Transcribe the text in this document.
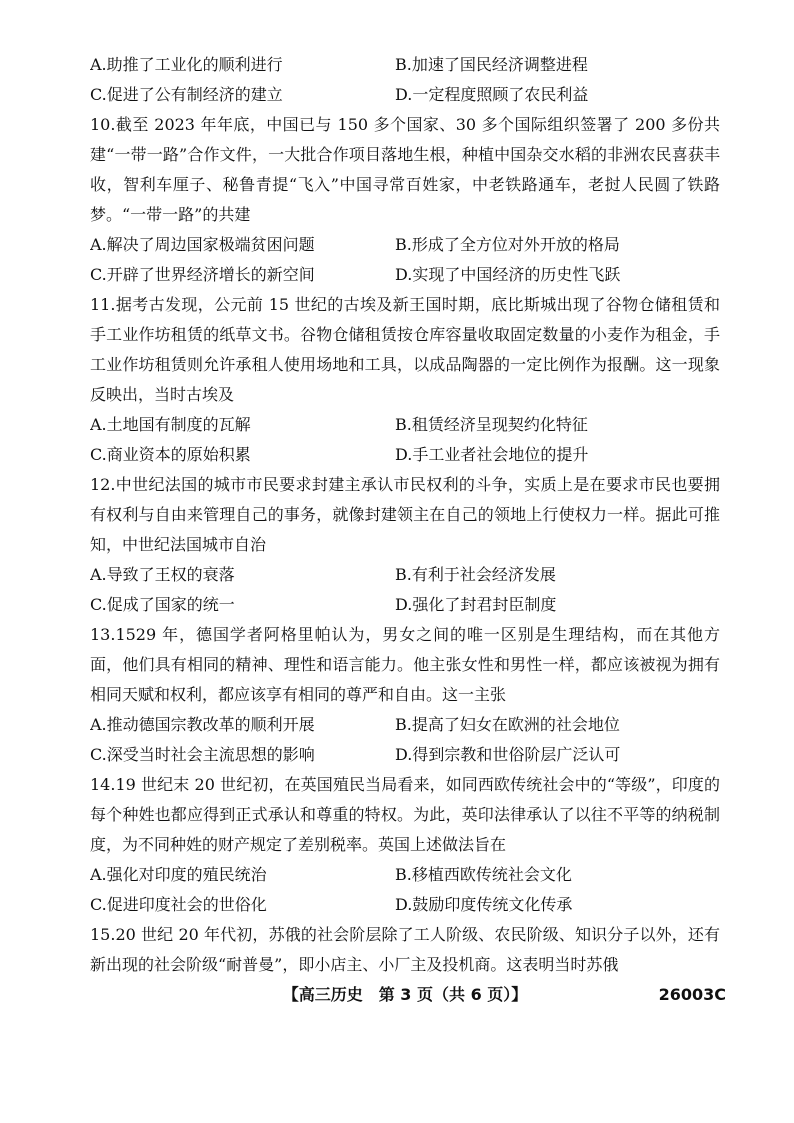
A.助推了工业化的顺利进行	B.加速了国民经济调整进程
C.促进了公有制经济的建立	D.一定程度照顾了农民利益
10.截至 2023 年年底，中国已与 150 多个国家、30 多个国际组织签署了 200 多份共建“一带一路”合作文件，一大批合作项目落地生根，种植中国杂交水稻的非洲农民喜获丰收，智利车厘子、秘鲁青提“飞入”中国寻常百姓家，中老铁路通车，老挝人民圆了铁路梦。“一带一路”的共建
A.解决了周边国家极端贫困问题	B.形成了全方位对外开放的格局
C.开辟了世界经济增长的新空间	D.实现了中国经济的历史性飞跃
11.据考古发现，公元前 15 世纪的古埃及新王国时期，底比斯城出现了谷物仓储租赁和手工业作坊租赁的纸草文书。谷物仓储租赁按仓库容量收取固定数量的小麦作为租金，手工业作坊租赁则允许承租人使用场地和工具，以成品陶器的一定比例作为报酬。这一现象反映出，当时古埃及
A.土地国有制度的瓦解	B.租赁经济呈现契约化特征
C.商业资本的原始积累	D.手工业者社会地位的提升
12.中世纪法国的城市市民要求封建主承认市民权利的斗争，实质上是在要求市民也要拥有权利与自由来管理自己的事务，就像封建领主在自己的领地上行使权力一样。据此可推知，中世纪法国城市自治
A.导致了王权的衰落	B.有利于社会经济发展
C.促成了国家的统一	D.强化了封君封臣制度
13.1529 年，德国学者阿格里帕认为，男女之间的唯一区别是生理结构，而在其他方面，他们具有相同的精神、理性和语言能力。他主张女性和男性一样，都应该被视为拥有相同天赋和权利，都应该享有相同的尊严和自由。这一主张
A.推动德国宗教改革的顺利开展	B.提高了妇女在欧洲的社会地位
C.深受当时社会主流思想的影响	D.得到宗教和世俗阶层广泛认可
14.19 世纪末 20 世纪初，在英国殖民当局看来，如同西欧传统社会中的“等级”，印度的每个种姓也都应得到正式承认和尊重的特权。为此，英印法律承认了以往不平等的纳税制度，为不同种姓的财产规定了差别税率。英国上述做法旨在
A.强化对印度的殖民统治	B.移植西欧传统社会文化
C.促进印度社会的世俗化	D.鼓励印度传统文化传承
15.20 世纪 20 年代初，苏俄的社会阶层除了工人阶级、农民阶级、知识分子以外，还有新出现的社会阶级“耐普曼”，即小店主、小厂主及投机商。这表明当时苏俄
【高三历史　第 3 页（共 6 页）】	26003C
